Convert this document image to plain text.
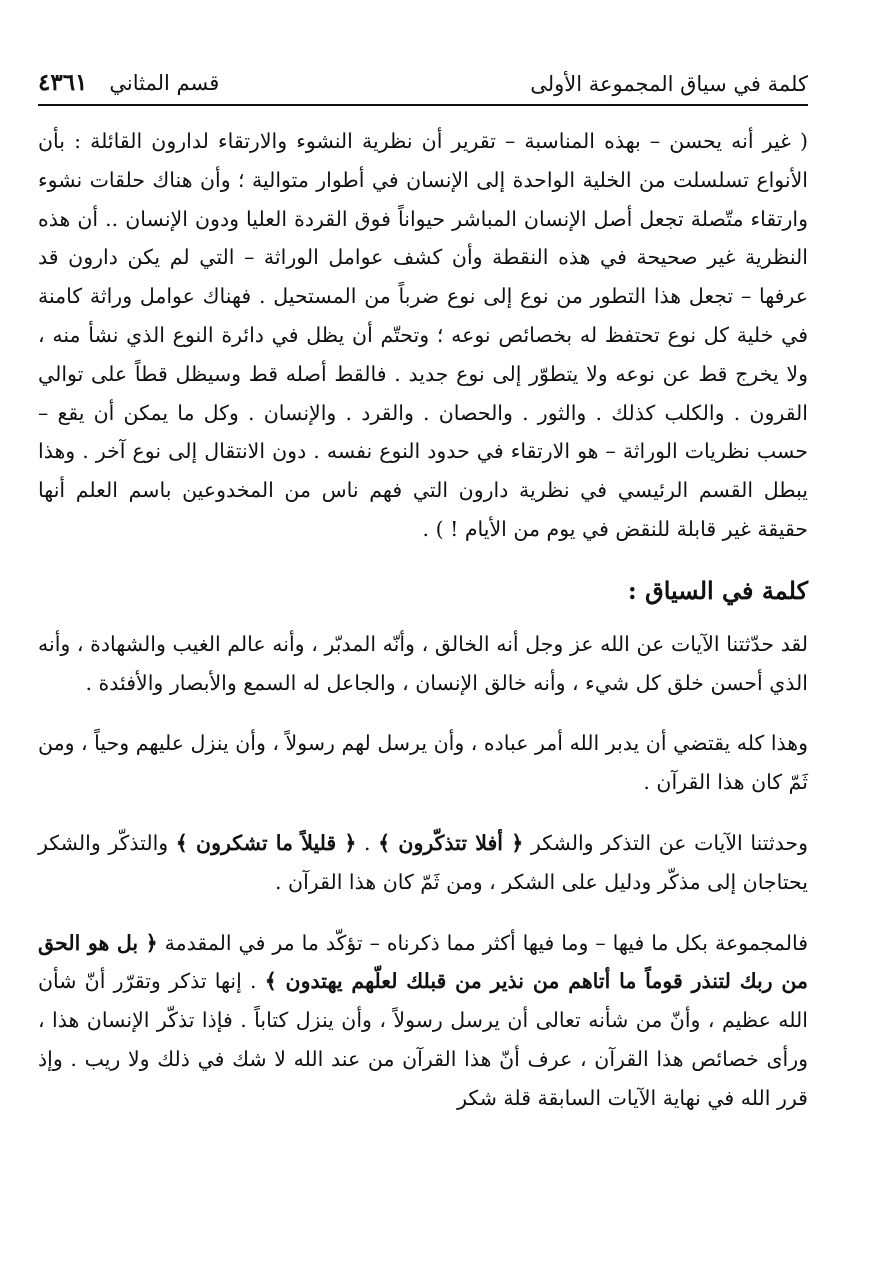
كلمة في سياق المجموعة الأولى
قسم المثاني
٤٣٦١

( غير أنه يحسن – بهذه المناسبة – تقرير أن نظرية النشوء والارتقاء لدارون القائلة : بأن الأنواع تسلسلت من الخلية الواحدة إلى الإنسان في أطوار متوالية ؛ وأن هناك حلقات نشوء وارتقاء متّصلة تجعل أصل الإنسان المباشر حيواناً فوق القردة العليا ودون الإنسان .. أن هذه النظرية غير صحيحة في هذه النقطة وأن كشف عوامل الوراثة – التي لم يكن دارون قد عرفها – تجعل هذا التطور من نوع إلى نوع ضرباً من المستحيل . فهناك عوامل وراثة كامنة في خلية كل نوع تحتفظ له بخصائص نوعه ؛ وتحتّم أن يظل في دائرة النوع الذي نشأ منه ، ولا يخرج قط عن نوعه ولا يتطوّر إلى نوع جديد . فالقط أصله قط وسيظل قطاً على توالي القرون . والكلب كذلك . والثور . والحصان . والقرد . والإنسان . وكل ما يمكن أن يقع – حسب نظريات الوراثة – هو الارتقاء في حدود النوع نفسه . دون الانتقال إلى نوع آخر . وهذا يبطل القسم الرئيسي في نظرية دارون التي فهم ناس من المخدوعين باسم العلم أنها حقيقة غير قابلة للنقض في يوم من الأيام ! ) .

كلمة في السياق :

لقد حدّثتنا الآيات عن الله عز وجل أنه الخالق ، وأنّه المدبّر ، وأنه عالم الغيب والشهادة ، وأنه الذي أحسن خلق كل شيء ، وأنه خالق الإنسان ، والجاعل له السمع والأبصار والأفئدة .

وهذا كله يقتضي أن يدبر الله أمر عباده ، وأن يرسل لهم رسولاً ، وأن ينزل عليهم وحياً ، ومن ثَمّ كان هذا القرآن .

وحدثتنا الآيات عن التذكر والشكر ﴿ أفلا تتذكّرون ﴾ . ﴿ قليلاً ما تشكرون ﴾ والتذكّر والشكر يحتاجان إلى مذكّر ودليل على الشكر ، ومن ثَمّ كان هذا القرآن .

فالمجموعة بكل ما فيها – وما فيها أكثر مما ذكرناه – تؤكّد ما مر في المقدمة ﴿ بل هو الحق من ربك لتنذر قوماً ما أتاهم من نذير من قبلك لعلّهم يهتدون ﴾ . إنها تذكر وتقرّر أنّ شأن الله عظيم ، وأنّ من شأنه تعالى أن يرسل رسولاً ، وأن ينزل كتاباً . فإذا تذكّر الإنسان هذا ، ورأى خصائص هذا القرآن ، عرف أنّ هذا القرآن من عند الله لا شك في ذلك ولا ريب . وإذ قرر الله في نهاية الآيات السابقة قلة شكر
